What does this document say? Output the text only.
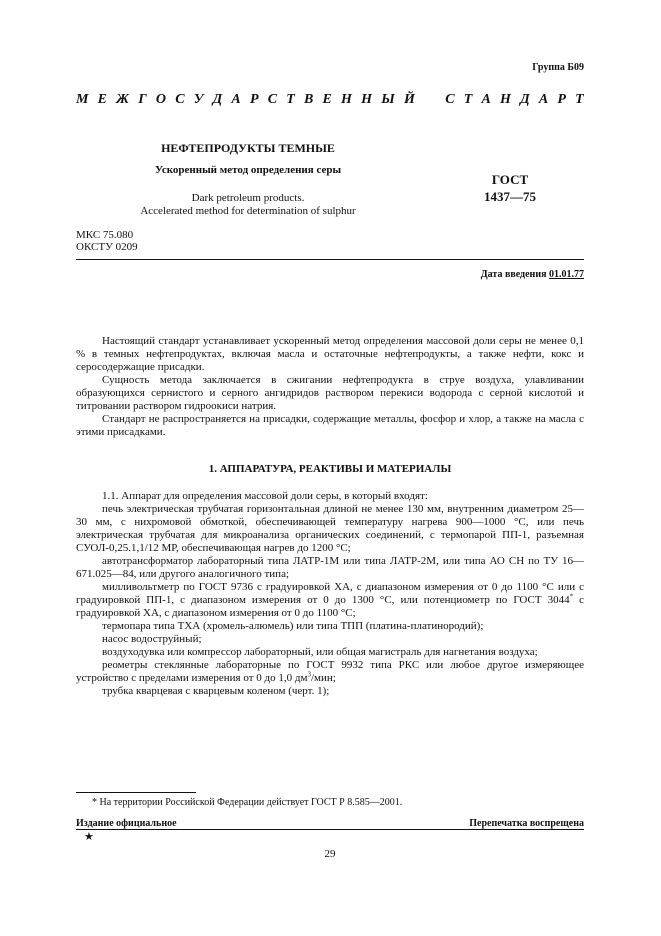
Группа Б09
М Е Ж Г О С У Д А Р С Т В Е Н Н Ы Й С Т А Н Д А Р Т
НЕФТЕПРОДУКТЫ ТЕМНЫЕ
Ускоренный метод определения серы
Dark petroleum products.
Accelerated method for determination of sulphur
ГОСТ
1437—75
МКС 75.080
ОКСТУ 0209
Дата введения 01.01.77

Настоящий стандарт устанавливает ускоренный метод определения массовой доли серы не менее 0,1 % в темных нефтепродуктах, включая масла и остаточные нефтепродукты, а также нефти, кокс и серосодержащие присадки.

Сущность метода заключается в сжигании нефтепродукта в струе воздуха, улавливании образующихся сернистого и серного ангидридов раствором перекиси водорода с серной кислотой и титровании раствором гидроокиси натрия.

Стандарт не распространяется на присадки, содержащие металлы, фосфор и хлор, а также на масла с этими присадками.

1. АППАРАТУРА, РЕАКТИВЫ И МАТЕРИАЛЫ

1.1. Аппарат для определения массовой доли серы, в который входят:

печь электрическая трубчатая горизонтальная длиной не менее 130 мм, внутренним диаметром 25—30 мм, с нихромовой обмоткой, обеспечивающей температуру нагрева 900—1000 °С, или печь электрическая трубчатая для микроанализа органических соединений, с термопарой ПП-1, разъемная СУОЛ-0,25.1,1/12 МР, обеспечивающая нагрев до 1200 °С;

автотрансформатор лабораторный типа ЛАТР-1М или типа ЛАТР-2М, или типа АО СН по ТУ 16—671.025—84, или другого аналогичного типа;

милливольтметр по ГОСТ 9736 с градуировкой ХА, с диапазоном измерения от 0 до 1100 °С или с градуировкой ПП-1, с диапазоном измерения от 0 до 1300 °С, или потенциометр по ГОСТ 3044* с градуировкой ХА, с диапазоном измерения от 0 до 1100 °С;

термопара типа ТХА (хромель-алюмель) или типа ТПП (платина-платинородий);

насос водоструйный;

воздуходувка или компрессор лабораторный, или общая магистраль для нагнетания воздуха;

реометры стеклянные лабораторные по ГОСТ 9932 типа РКС или любое другое измеряющее устройство с пределами измерения от 0 до 1,0 $дм^3$/мин;

трубка кварцевая с кварцевым коленом (черт. 1);

* На территории Российской Федерации действует ГОСТ Р 8.585—2001.
Издание официальное
★
Перепечатка воспрещена
29
